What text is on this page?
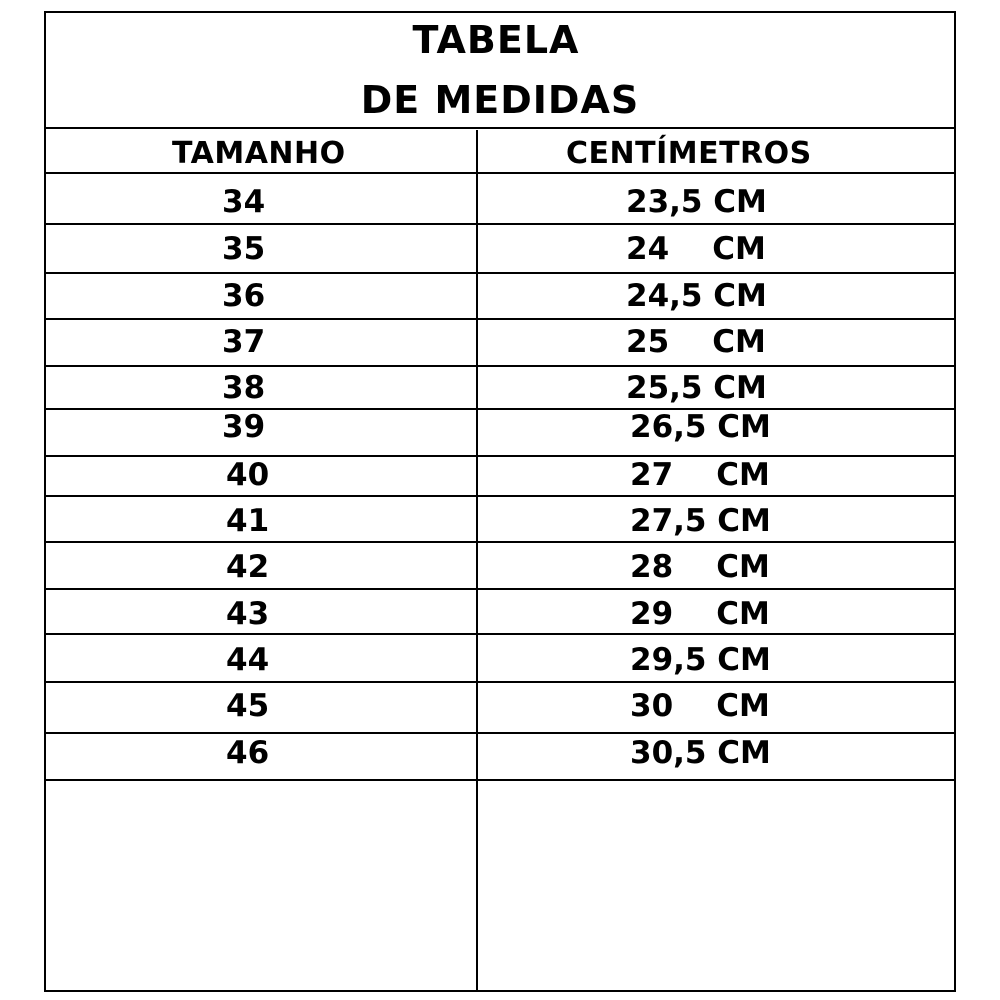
TABELA
DE MEDIDAS
TAMANHO	CENTÍMETROS
34	23,5 CM
35	24    CM
36	24,5 CM
37	25    CM
38	25,5 CM
39	26,5 CM
40	27    CM
41	27,5 CM
42	28    CM
43	29    CM
44	29,5 CM
45	30    CM
46	30,5 CM
